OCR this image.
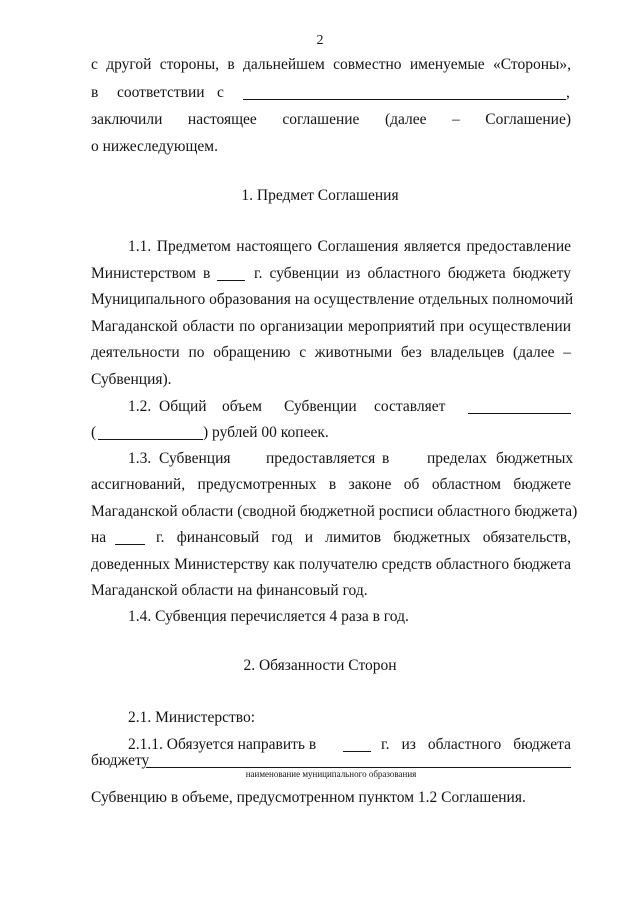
2
с другой стороны, в дальнейшем совместно именуемые «Стороны»,
в соответствии с	,
заключили настоящее соглашение (далее – Соглашение)
о нижеследующем.
1. Предмет Соглашения
1.1. Предметом настоящего Соглашения является предоставление
Министерством в	г. субвенции из областного бюджета бюджету
Муниципального образования на осуществление отдельных полномочий
Магаданской области по организации мероприятий при осуществлении
деятельности по обращению с животными без владельцев (далее –
Субвенция).
1.2. Общий объем Субвенции составляет
(	) рублей 00 копеек.
1.3. Субвенция предоставляется в пределах бюджетных
ассигнований, предусмотренных в законе об областном бюджете
Магаданской области (сводной бюджетной росписи областного бюджета)
на	г. финансовый год и лимитов бюджетных обязательств,
доведенных Министерству как получателю средств областного бюджета
Магаданской области на финансовый год.
1.4. Субвенция перечисляется 4 раза в год.
2. Обязанности Сторон
2.1. Министерство:
2.1.1. Обязуется направить в	г. из областного бюджета
бюджету
наименование муниципального образования
Субвенцию в объеме, предусмотренном пунктом 1.2 Соглашения.
